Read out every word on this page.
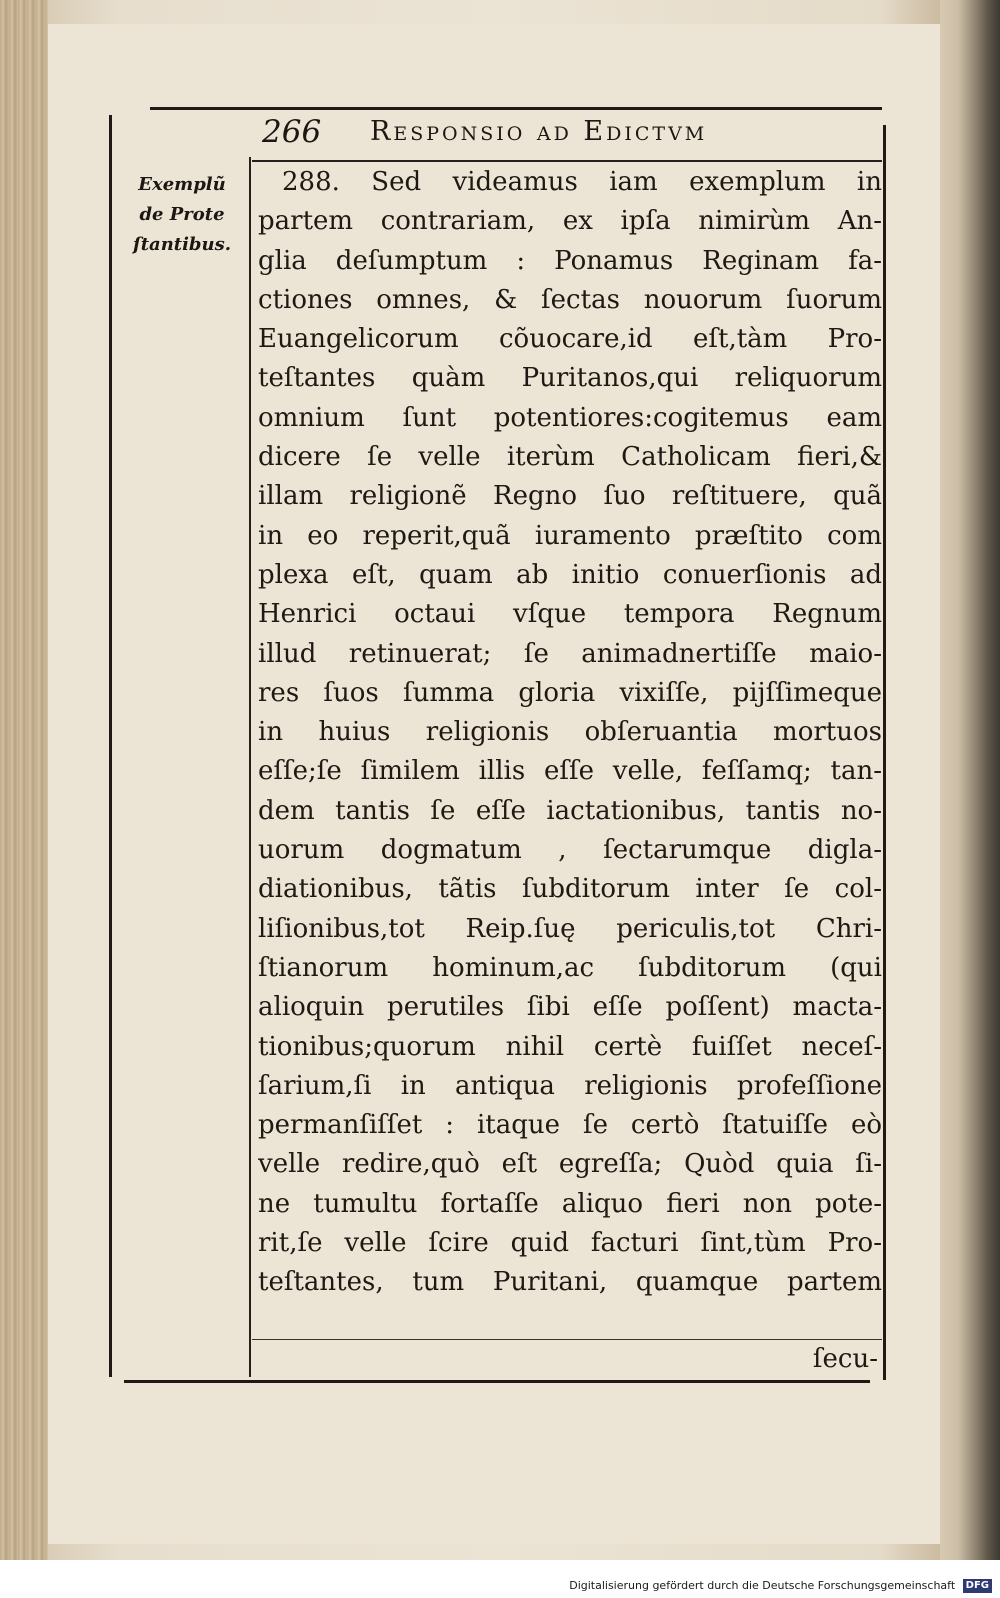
266 Responsio ad Edictvm
Exemplũ
de Prote
ſtantibus.
288. Sed videamus iam exemplum in
partem contrariam, ex ipſa nimirùm An-
glia deſumptum : Ponamus Reginam fa-
ctiones omnes, & ſectas nouorum ſuorum
Euangelicorum cõuocare,id eſt,tàm Pro-
teſtantes quàm Puritanos,qui reliquorum
omnium ſunt potentiores:cogitemus eam
dicere ſe velle iterùm Catholicam fieri,&
illam religionẽ Regno ſuo reſtituere, quã
in eo reperit,quã iuramento præſtito com
plexa eſt, quam ab initio conuerſionis ad
Henrici octaui vſque tempora Regnum
illud retinuerat; ſe animadnertiſſe maio-
res ſuos ſumma gloria vixiſſe, pijſſimeque
in huius religionis obſeruantia mortuos
eſſe;ſe ſimilem illis eſſe velle, feſſamq; tan-
dem tantis ſe eſſe iactationibus, tantis no-
uorum dogmatum , ſectarumque digla-
diationibus, tãtis ſubditorum inter ſe col-
liſionibus,tot Reip.ſuę periculis,tot Chri-
ſtianorum hominum,ac ſubditorum (qui
alioquin perutiles ſibi eſſe poſſent) macta-
tionibus;quorum nihil certè fuiſſet neceſ-
ſarium,ſi in antiqua religionis profeſſione
permanſiſſet : itaque ſe certò ſtatuiſſe eò
velle redire,quò eſt egreſſa; Quòd quia ſi-
ne tumultu fortaſſe aliquo fieri non pote-
rit,ſe velle ſcire quid facturi ſint,tùm Pro-
teſtantes, tum Puritani, quamque partem
ſecu-
Digitalisierung gefördert durch die Deutsche Forschungsgemeinschaft DFG
